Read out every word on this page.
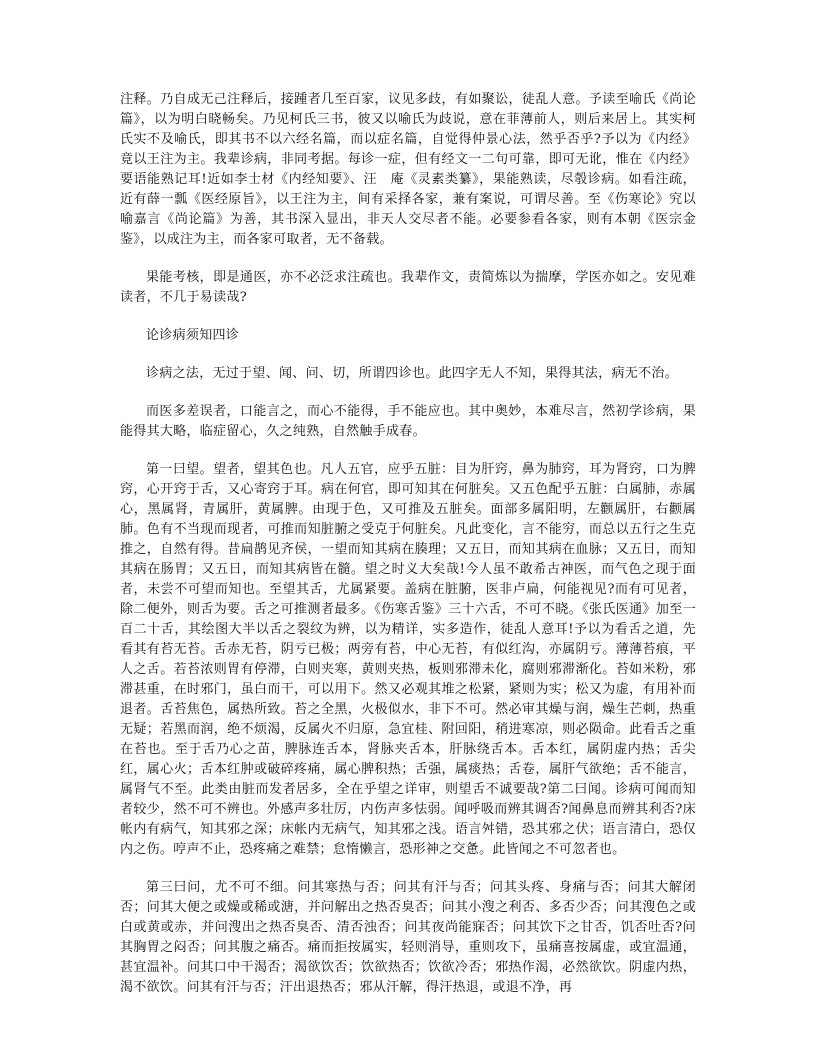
注释。乃自成无己注释后，接踵者几至百家，议见多歧，有如聚讼，徒乱人意。予读至喻氏《尚论篇》，以为明白晓畅矣。乃见柯氏三书，彼又以喻氏为歧说，意在菲薄前人，则后来居上。其实柯氏实不及喻氏，即其书不以六经名篇，而以症名篇，自觉得仲景心法，然乎否乎?予以为《内经》竟以王注为主。我辈诊病，非同考据。每诊一症，但有经文一二句可靠，即可无讹，惟在《内经》要语能熟记耳!近如李士材《内经知要》、汪　庵《灵素类纂》，果能熟读，尽彀诊病。如看注疏，近有薛一瓢《医经原旨》，以王注为主，间有采择各家，兼有案说，可谓尽善。至《伤寒论》究以喻嘉言《尚论篇》为善，其书深入显出，非天人交尽者不能。必要参看各家，则有本朝《医宗金鉴》，以成注为主，而各家可取者，无不备载。

果能考核，即是通医，亦不必泛求注疏也。我辈作文，责简炼以为揣摩，学医亦如之。安见难读者，不几于易读哉?

论诊病须知四诊

诊病之法，无过于望、闻、问、切，所谓四诊也。此四字无人不知，果得其法，病无不治。

而医多差误者，口能言之，而心不能得，手不能应也。其中奥妙，本难尽言，然初学诊病，果能得其大略，临症留心，久之纯熟，自然触手成春。

第一曰望。望者，望其色也。凡人五官，应乎五脏：目为肝窍，鼻为肺窍，耳为肾窍，口为脾窍，心开窍于舌，又心寄窍于耳。病在何官，即可知其在何脏矣。又五色配乎五脏：白属肺，赤属心，黑属肾，青属肝，黄属脾。由现于色，又可推及五脏矣。面部多属阳明，左颧属肝，右颧属肺。色有不当现而现者，可推而知脏腑之受克于何脏矣。凡此变化，言不能穷，而总以五行之生克推之，自然有得。昔扁鹊见齐侯，一望而知其病在腠理；又五日，而知其病在血脉；又五日，而知其病在肠胃；又五日，而知其病皆在髓。望之时义大矣哉!今人虽不敢希古神医，而气色之现于面者，未尝不可望而知也。至望其舌，尤属紧要。盖病在脏腑，医非卢扁，何能视见?而有可见者，除二便外，则舌为要。舌之可推测者最多。《伤寒舌鉴》三十六舌，不可不晓。《张氏医通》加至一百二十舌，其绘图大半以舌之裂纹为辨，以为精详，实多造作，徒乱人意耳!予以为看舌之道，先看其有苔无苔。舌赤无苔，阴亏已极；两旁有苔，中心无苔，有似红沟，亦属阴亏。薄薄苔痕，平人之舌。若苔浓则胃有停滞，白则夹寒，黄则夹热，板则邪滞未化，腐则邪滞渐化。苔如米粉，邪滞甚重，在时邪门，虽白而干，可以用下。然又必观其堆之松紧，紧则为实；松又为虚，有用补而退者。舌苔焦色，属热所致。苔之全黑，火极似水，非下不可。然必审其燥与润，燥生芒刺，热重无疑；若黑而润，绝不烦渴，反属火不归原，急宜桂、附回阳，稍进寒凉，则必陨命。此看舌之重在苔也。至于舌乃心之苗，脾脉连舌本，肾脉夹舌本，肝脉绕舌本。舌本红，属阴虚内热；舌尖红，属心火；舌本红肿或破碎疼痛，属心脾积热；舌强，属痰热；舌卷，属肝气欲绝；舌不能言，属肾气不至。此类由脏而发者居多，全在乎望之详审，则望舌不诚要哉?第二曰闻。诊病可闻而知者较少，然不可不辨也。外感声多壮厉，内伤声多怯弱。闻呼吸而辨其调否?闻鼻息而辨其利否?床帐内有病气，知其邪之深；床帐内无病气，知其邪之浅。语言舛错，恐其邪之伏；语言清白，恐仅内之伤。哼声不止，恐疼痛之难禁；怠惰懒言，恐形神之交惫。此皆闻之不可忽者也。

第三曰问，尤不可不细。问其寒热与否；问其有汗与否；问其头疼、身痛与否；问其大解闭否；问其大便之或燥或稀或溏，并问解出之热否臭否；问其小溲之利否、多否少否；问其溲色之或白或黄或赤，并问溲出之热否臭否、清否浊否；问其夜尚能寐否；问其饮下之甘否，饥否吐否?问其胸胃之闷否；问其腹之痛否。痛而拒按属实，轻则消导，重则攻下，虽痛喜按属虚，或宜温通，甚宜温补。问其口中干渴否；渴欲饮否；饮欲热否；饮欲冷否；邪热作渴，必然欲饮。阴虚内热，渴不欲饮。问其有汗与否；汗出退热否；邪从汗解，得汗热退，或退不净，再
